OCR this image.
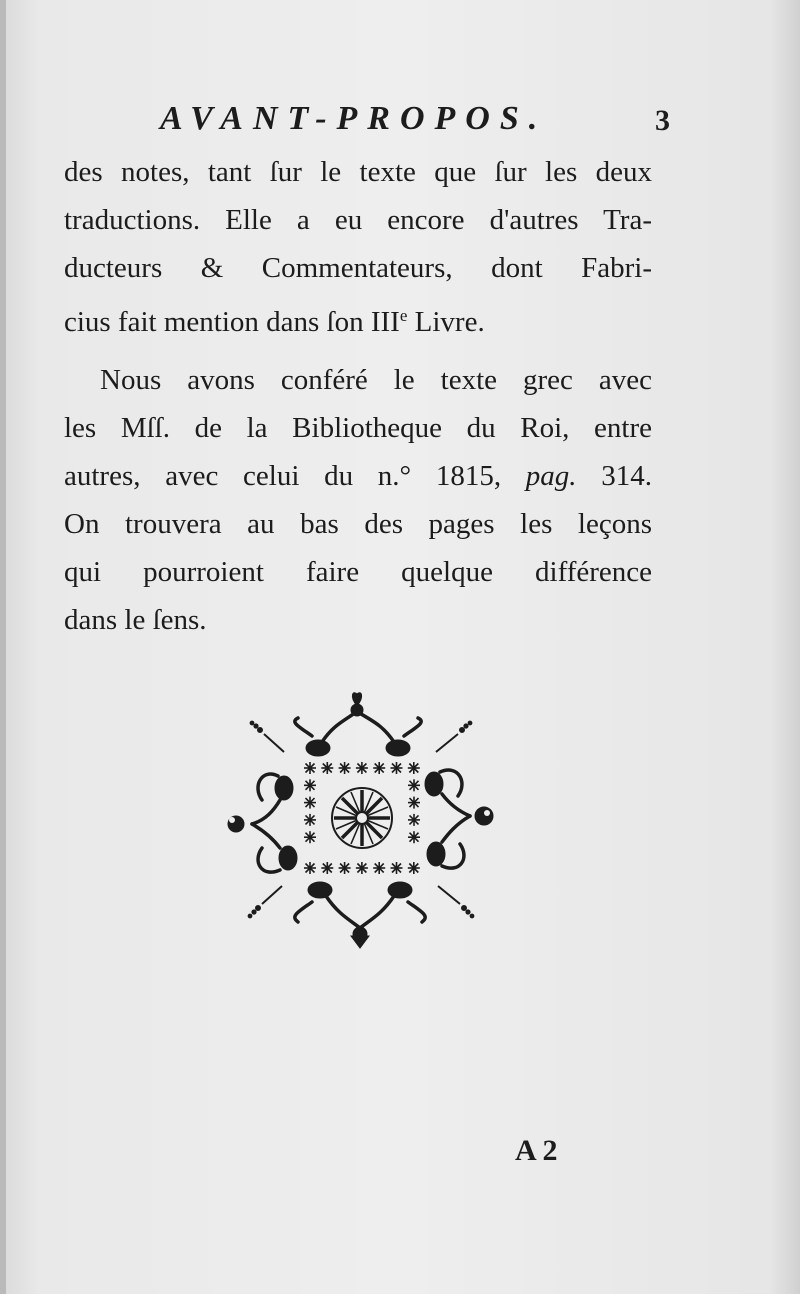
AVANT-PROPOS.	3

des notes, tant ſur le texte que ſur les deux

traductions. Elle a eu encore d'autres Tra-

ducteurs & Commentateurs, dont Fabri-

cius fait mention dans ſon IIIe Livre.

Nous avons conféré le texte grec avec

les Mſſ. de la Bibliotheque du Roi, entre

autres, avec celui du n.° 1815, pag. 314.

On trouvera au bas des pages les leçons

qui pourroient faire quelque différence

dans le ſens.

A 2
